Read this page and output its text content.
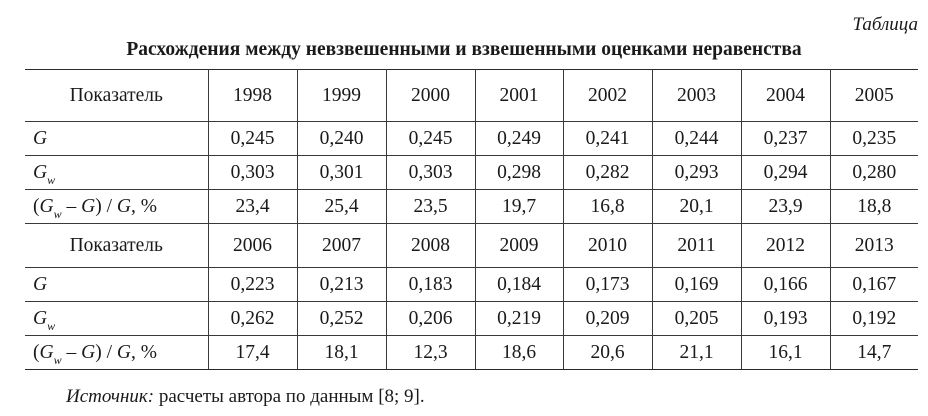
Таблица
Расхождения между невзвешенными и взвешенными оценками неравенства
Показатель	1998	1999	2000	2001	2002	2003	2004	2005
G	0,245	0,240	0,245	0,249	0,241	0,244	0,237	0,235
$G_w$	0,303	0,301	0,303	0,298	0,282	0,293	0,294	0,280
$(G_w - G)$ / G, %	23,4	25,4	23,5	19,7	16,8	20,1	23,9	18,8
Показатель	2006	2007	2008	2009	2010	2011	2012	2013
G	0,223	0,213	0,183	0,184	0,173	0,169	0,166	0,167
$G_w$	0,262	0,252	0,206	0,219	0,209	0,205	0,193	0,192
$(G_w - G)$ / G, %	17,4	18,1	12,3	18,6	20,6	21,1	16,1	14,7
Источник: расчеты автора по данным [8; 9].
